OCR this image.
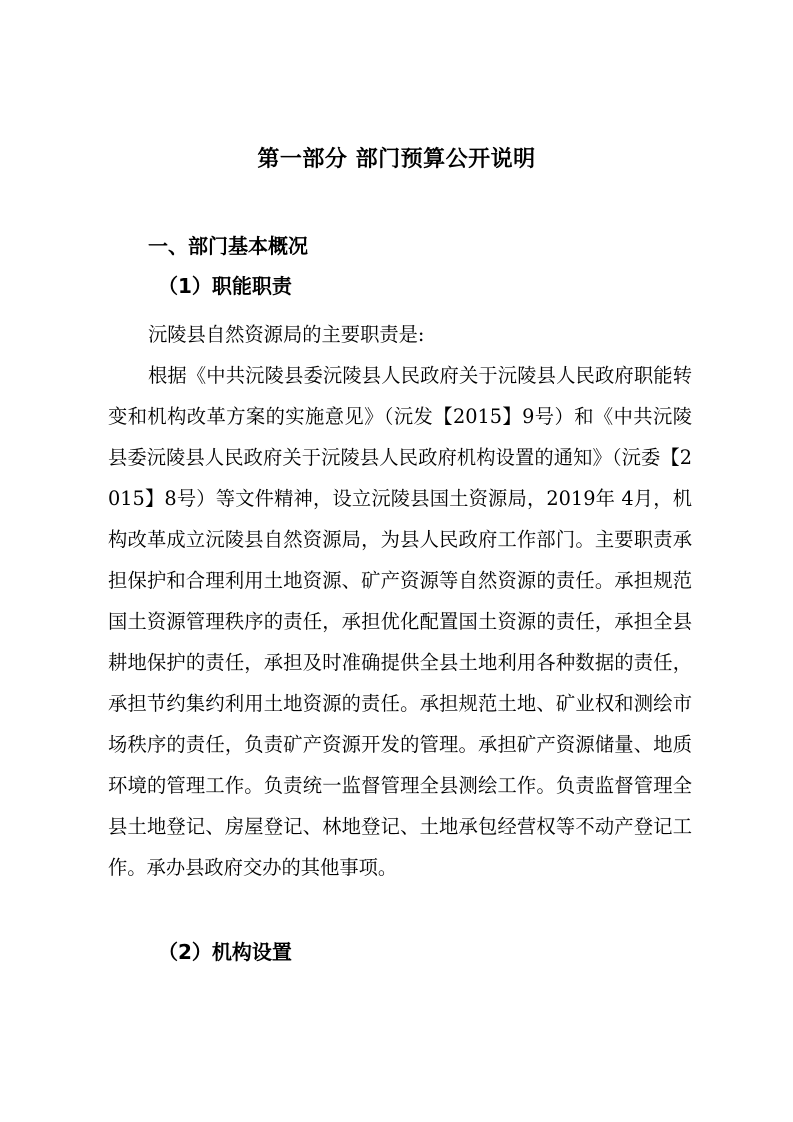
第一部分 部门预算公开说明
一、部门基本概况
（1）职能职责

沅陵县自然资源局的主要职责是:

根据《中共沅陵县委沅陵县人民政府关于沅陵县人民政府职能转变和机构改革方案的实施意见》（沅发【2015】9号）和《中共沅陵县委沅陵县人民政府关于沅陵县人民政府机构设置的通知》（沅委【2015】8号）等文件精神，设立沅陵县国土资源局，2019年 4月，机构改革成立沅陵县自然资源局，为县人民政府工作部门。主要职责承担保护和合理利用土地资源、矿产资源等自然资源的责任。承担规范国土资源管理秩序的责任，承担优化配置国土资源的责任，承担全县耕地保护的责任，承担及时准确提供全县土地利用各种数据的责任，承担节约集约利用土地资源的责任。承担规范土地、矿业权和测绘市场秩序的责任，负责矿产资源开发的管理。承担矿产资源储量、地质环境的管理工作。负责统一监督管理全县测绘工作。负责监督管理全县土地登记、房屋登记、林地登记、土地承包经营权等不动产登记工作。承办县政府交办的其他事项。

（2）机构设置
